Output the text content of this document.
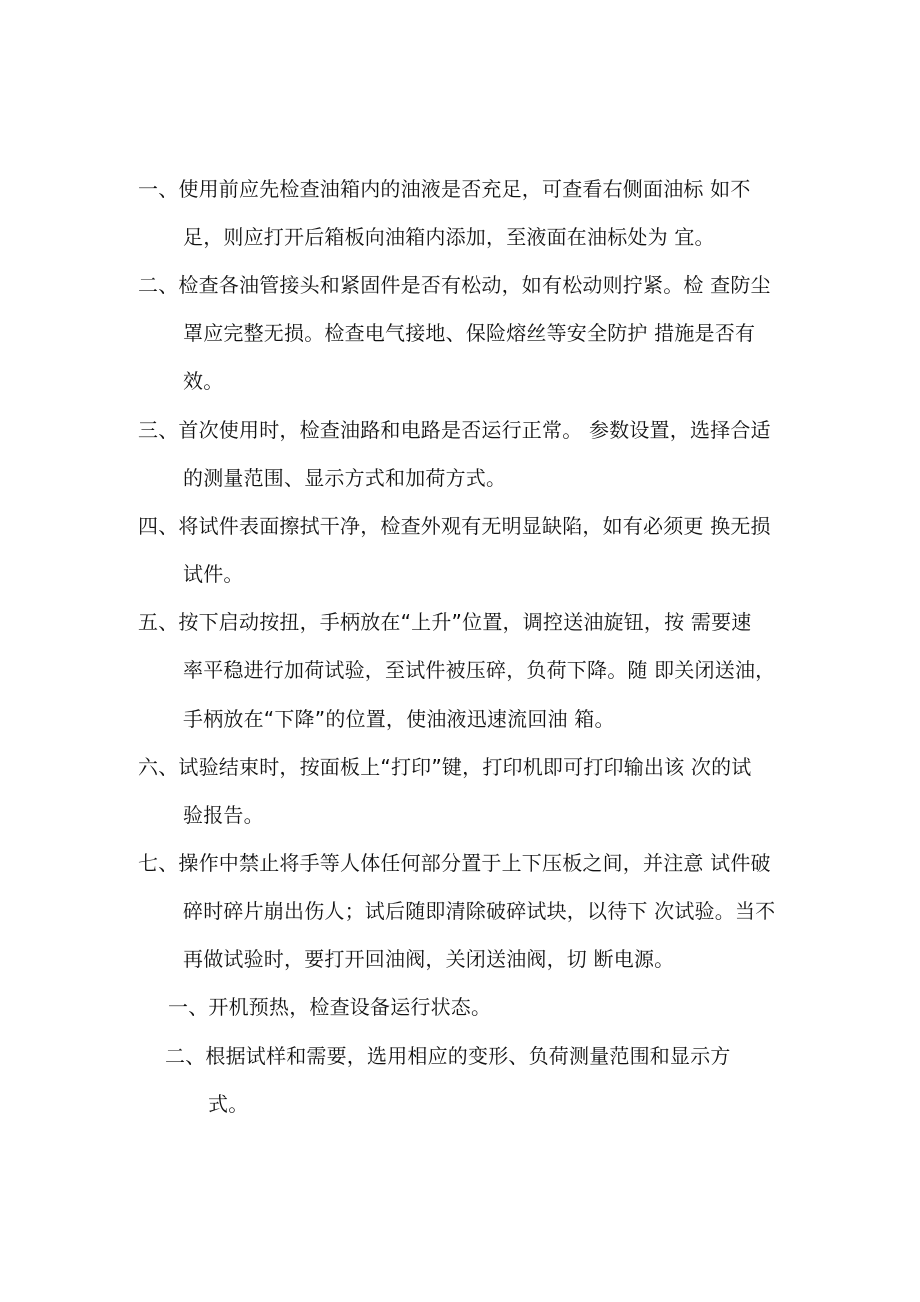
一、使用前应先检查油箱内的油液是否充足，可查看右侧面油标 如不
足，则应打开后箱板向油箱内添加，至液面在油标处为 宜。
二、检查各油管接头和紧固件是否有松动，如有松动则拧紧。检 查防尘
罩应完整无损。检查电气接地、保险熔丝等安全防护 措施是否有
效。
三、首次使用时，检查油路和电路是否运行正常。 参数设置，选择合适
的测量范围、显示方式和加荷方式。
四、将试件表面擦拭干净，检查外观有无明显缺陷，如有必须更 换无损
试件。
五、按下启动按扭，手柄放在“上升”位置，调控送油旋钮，按 需要速
率平稳进行加荷试验，至试件被压碎，负荷下降。随 即关闭送油，
手柄放在“下降”的位置，使油液迅速流回油 箱。
六、试验结束时，按面板上“打印”键，打印机即可打印输出该 次的试
验报告。
七、操作中禁止将手等人体任何部分置于上下压板之间，并注意 试件破
碎时碎片崩出伤人；试后随即清除破碎试块，以待下 次试验。当不
再做试验时，要打开回油阀，关闭送油阀，切 断电源。
一、开机预热，检查设备运行状态。
二、根据试样和需要，选用相应的变形、负荷测量范围和显示方
式。
